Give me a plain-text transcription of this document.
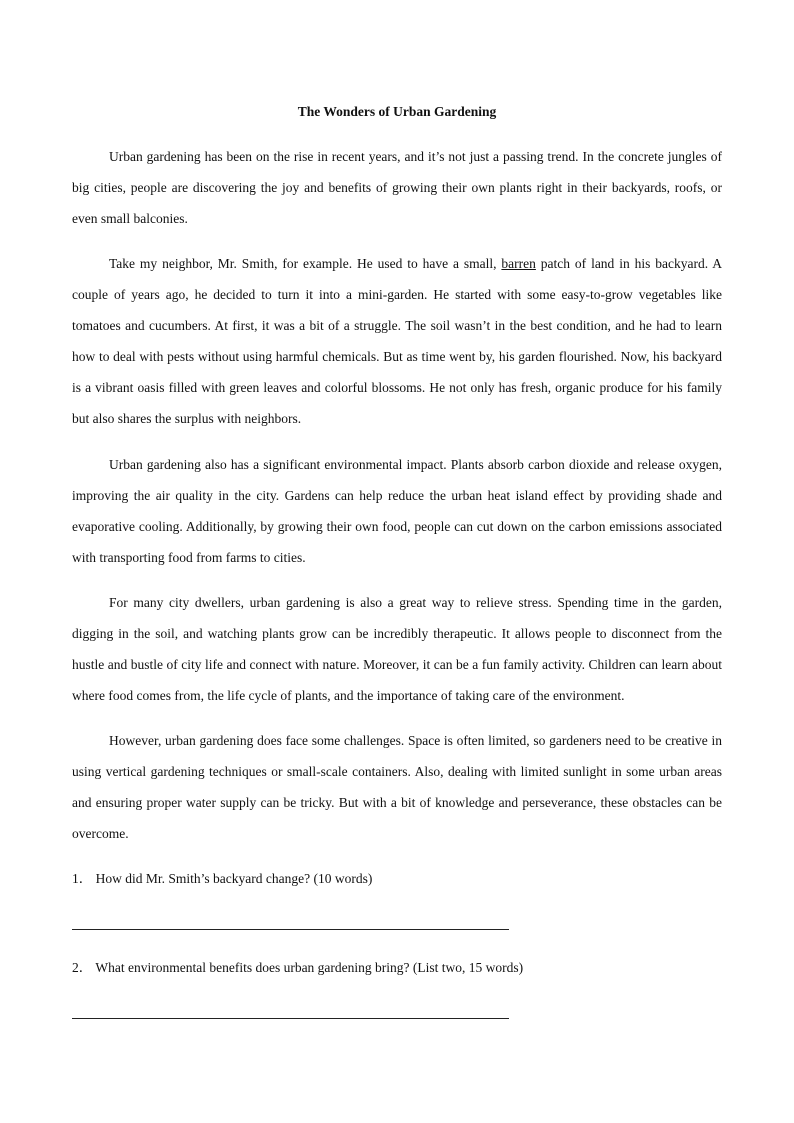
The Wonders of Urban Gardening

Urban gardening has been on the rise in recent years, and it’s not just a passing trend. In the concrete jungles of big cities, people are discovering the joy and benefits of growing their own plants right in their backyards, roofs, or even small balconies.

Take my neighbor, Mr. Smith, for example. He used to have a small, barren patch of land in his backyard. A couple of years ago, he decided to turn it into a mini-garden. He started with some easy-to-grow vegetables like tomatoes and cucumbers. At first, it was a bit of a struggle. The soil wasn’t in the best condition, and he had to learn how to deal with pests without using harmful chemicals. But as time went by, his garden flourished. Now, his backyard is a vibrant oasis filled with green leaves and colorful blossoms. He not only has fresh, organic produce for his family but also shares the surplus with neighbors.

Urban gardening also has a significant environmental impact. Plants absorb carbon dioxide and release oxygen, improving the air quality in the city. Gardens can help reduce the urban heat island effect by providing shade and evaporative cooling. Additionally, by growing their own food, people can cut down on the carbon emissions associated with transporting food from farms to cities.

For many city dwellers, urban gardening is also a great way to relieve stress. Spending time in the garden, digging in the soil, and watching plants grow can be incredibly therapeutic. It allows people to disconnect from the hustle and bustle of city life and connect with nature. Moreover, it can be a fun family activity. Children can learn about where food comes from, the life cycle of plants, and the importance of taking care of the environment.

However, urban gardening does face some challenges. Space is often limited, so gardeners need to be creative in using vertical gardening techniques or small-scale containers. Also, dealing with limited sunlight in some urban areas and ensuring proper water supply can be tricky. But with a bit of knowledge and perseverance, these obstacles can be overcome.

1． How did Mr. Smith’s backyard change? (10 words)

2． What environmental benefits does urban gardening bring? (List two, 15 words)
